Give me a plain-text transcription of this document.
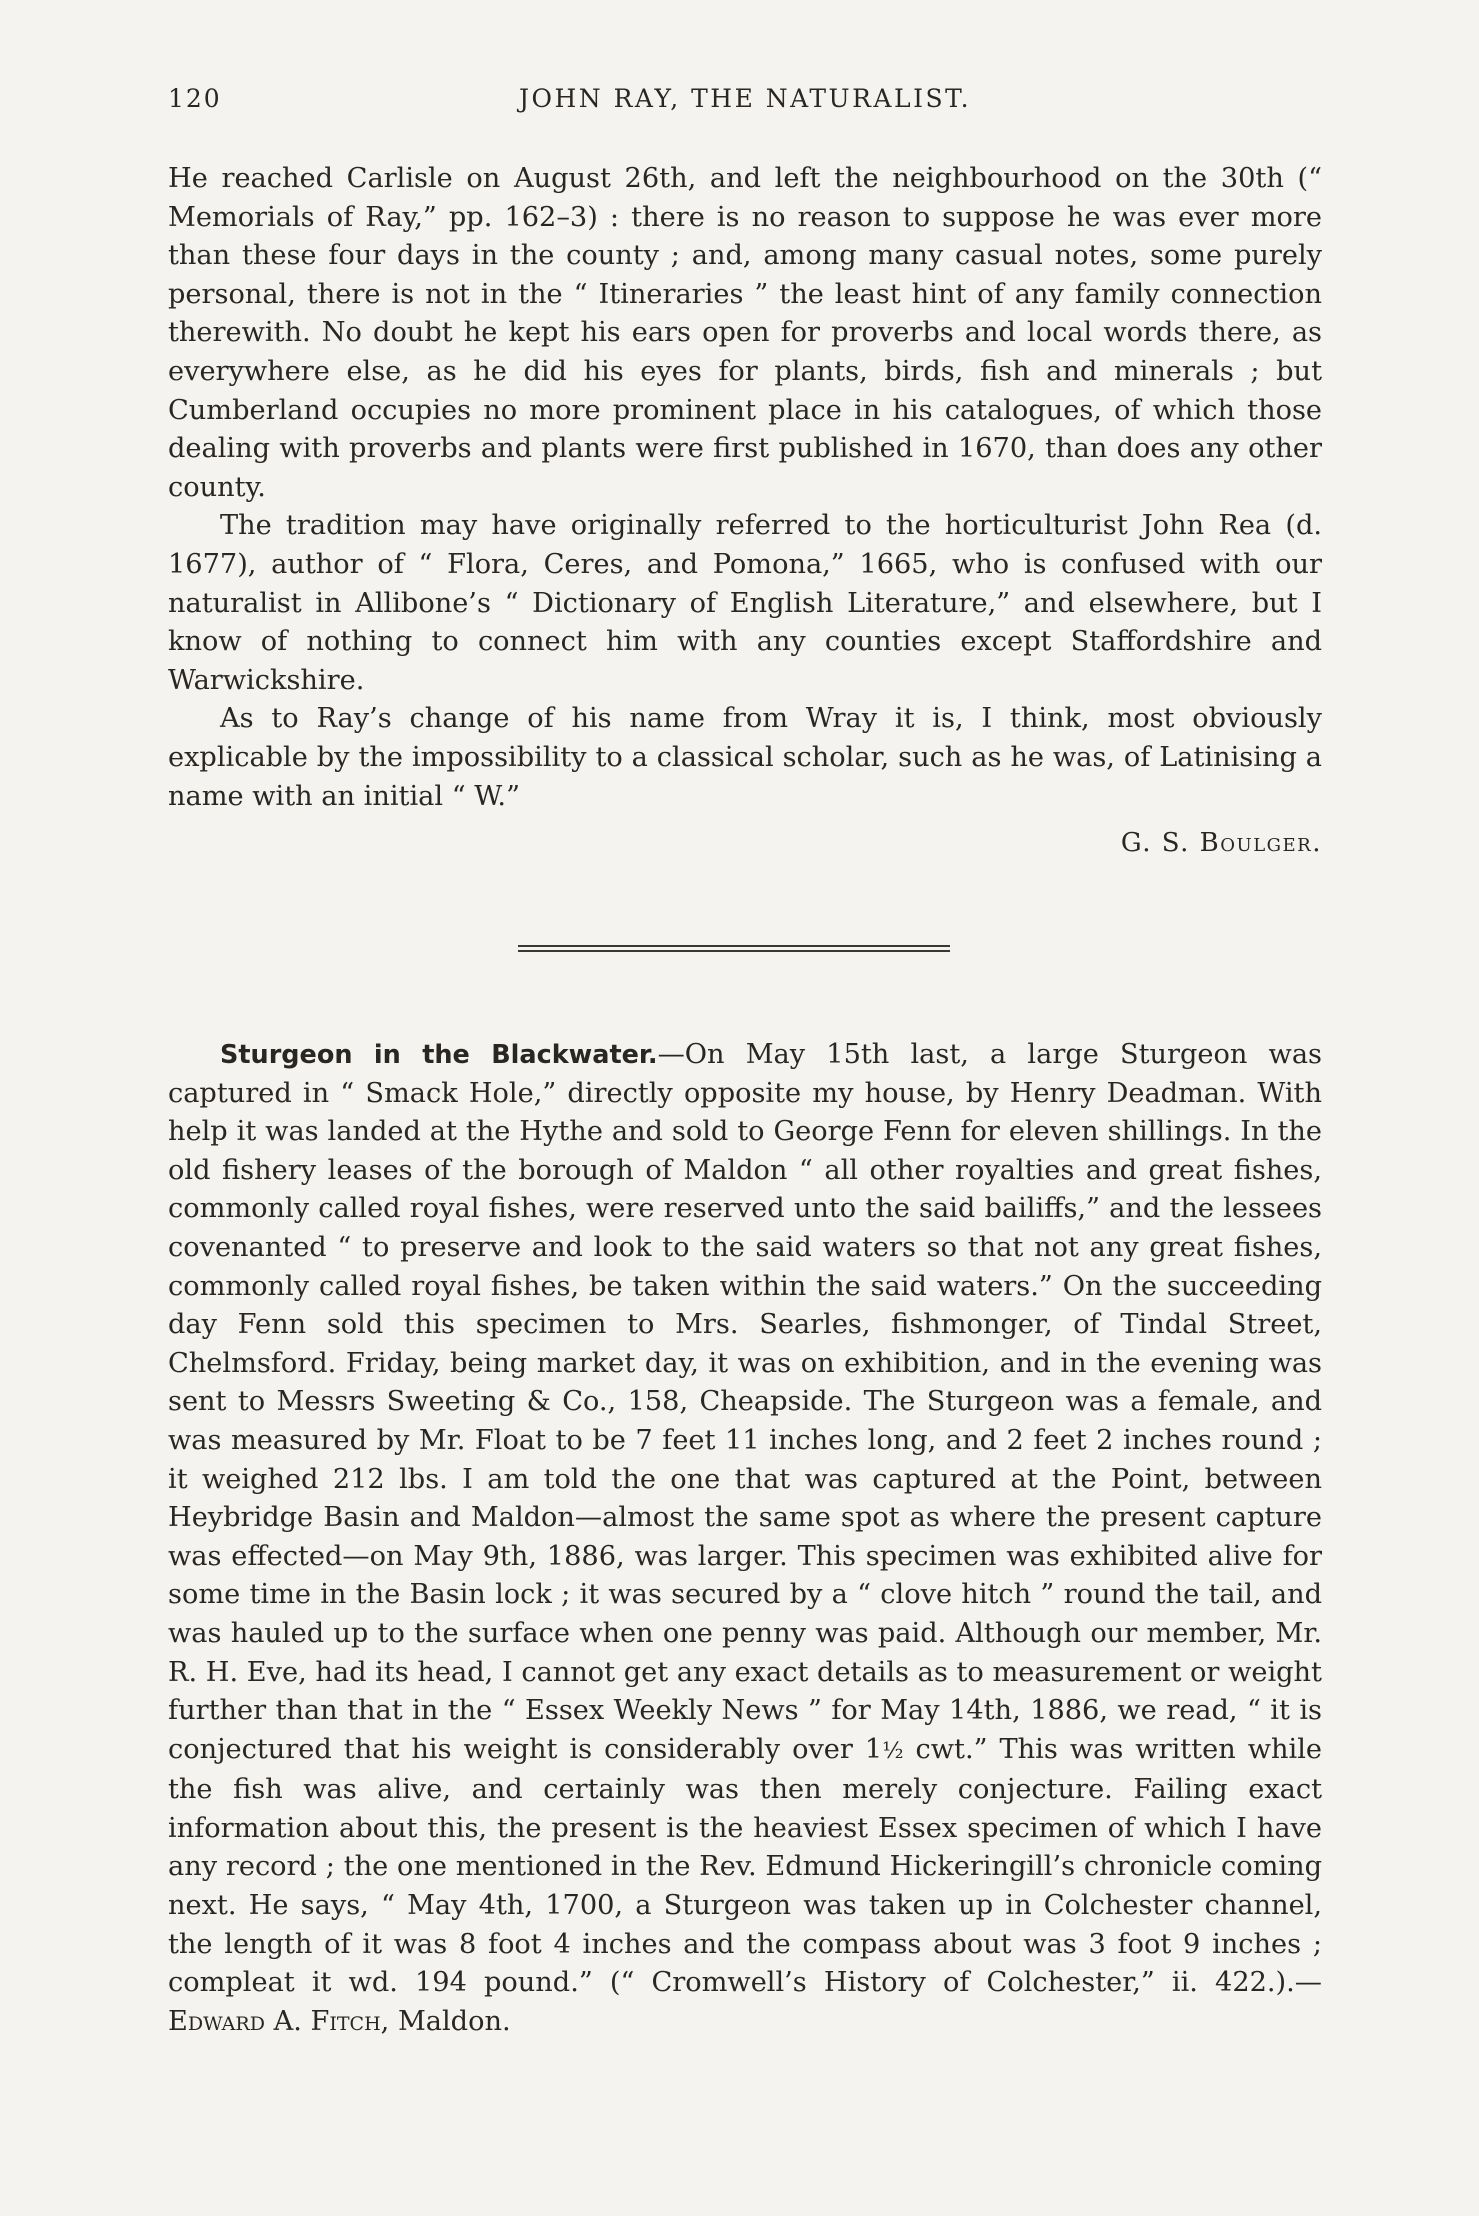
120	JOHN RAY, THE NATURALIST.

He reached Carlisle on August 26th, and left the neighbourhood on the 30th (“ Memorials of Ray,” pp. 162–3) : there is no reason to suppose he was ever more than these four days in the county ; and, among many casual notes, some purely personal, there is not in the “ Itineraries ” the least hint of any family connection therewith. No doubt he kept his ears open for proverbs and local words there, as everywhere else, as he did his eyes for plants, birds, fish and minerals ; but Cumberland occupies no more prominent place in his catalogues, of which those dealing with proverbs and plants were first published in 1670, than does any other county.

The tradition may have originally referred to the horticulturist John Rea (d. 1677), author of “ Flora, Ceres, and Pomona,” 1665, who is confused with our naturalist in Allibone’s “ Dictionary of English Literature,” and elsewhere, but I know of nothing to connect him with any counties except Staffordshire and Warwickshire.

As to Ray’s change of his name from Wray it is, I think, most obviously explicable by the impossibility to a classical scholar, such as he was, of Latinising a name with an initial “ W.”

G. S. Boulger.

Sturgeon in the Blackwater.—On May 15th last, a large Sturgeon was captured in “ Smack Hole,” directly opposite my house, by Henry Deadman. With help it was landed at the Hythe and sold to George Fenn for eleven shillings. In the old fishery leases of the borough of Maldon “ all other royalties and great fishes, commonly called royal fishes, were reserved unto the said bailiffs,” and the lessees covenanted “ to preserve and look to the said waters so that not any great fishes, commonly called royal fishes, be taken within the said waters.” On the succeeding day Fenn sold this specimen to Mrs. Searles, fishmonger, of Tindal Street, Chelmsford. Friday, being market day, it was on exhibition, and in the evening was sent to Messrs Sweeting & Co., 158, Cheapside. The Sturgeon was a female, and was measured by Mr. Float to be 7 feet 11 inches long, and 2 feet 2 inches round ; it weighed 212 lbs. I am told the one that was captured at the Point, between Heybridge Basin and Maldon—almost the same spot as where the present capture was effected—on May 9th, 1886, was larger. This specimen was exhibited alive for some time in the Basin lock ; it was secured by a “ clove hitch ” round the tail, and was hauled up to the surface when one penny was paid. Although our member, Mr. R. H. Eve, had its head, I cannot get any exact details as to measurement or weight further than that in the “ Essex Weekly News ” for May 14th, 1886, we read, “ it is conjectured that his weight is considerably over 1½ cwt.” This was written while the fish was alive, and certainly was then merely conjecture. Failing exact information about this, the present is the heaviest Essex specimen of which I have any record ; the one mentioned in the Rev. Edmund Hickeringill’s chronicle coming next. He says, “ May 4th, 1700, a Sturgeon was taken up in Colchester channel, the length of it was 8 foot 4 inches and the compass about was 3 foot 9 inches ; compleat it wd. 194 pound.” (“ Cromwell’s History of Colchester,” ii. 422.).—Edward A. Fitch, Maldon.
